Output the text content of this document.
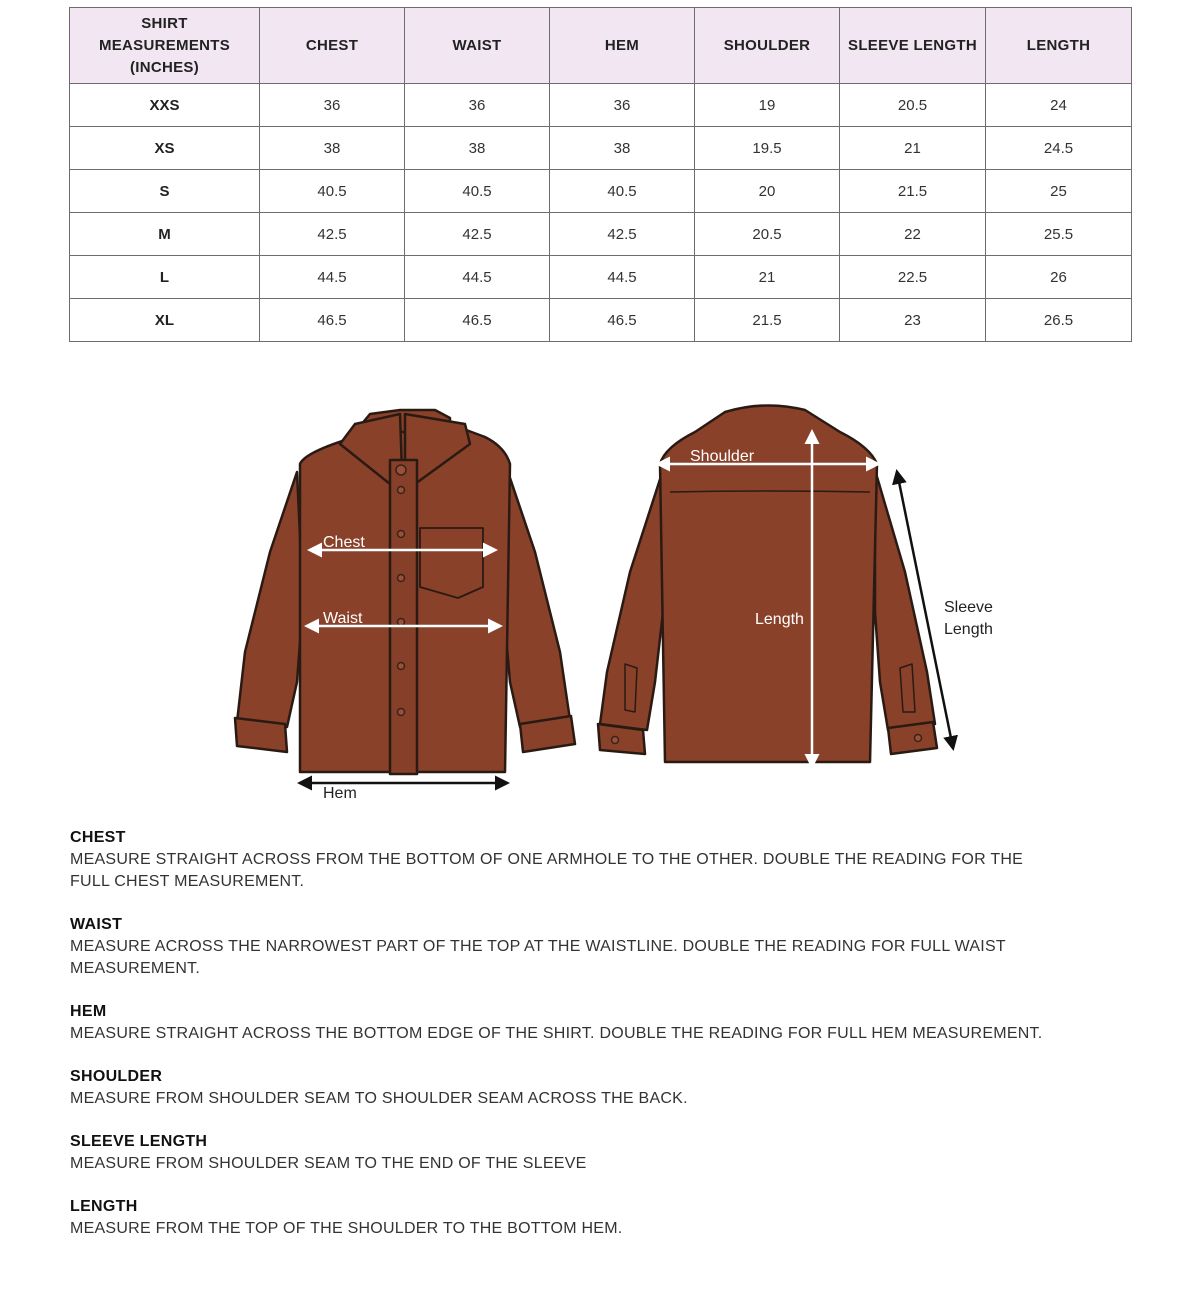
SHIRT
MEASUREMENTS
(INCHES)	CHEST	WAIST	HEM	SHOULDER	SLEEVE LENGTH	LENGTH
XXS	36	36	36	19	20.5	24
XS	38	38	38	19.5	21	24.5
S	40.5	40.5	40.5	20	21.5	25
M	42.5	42.5	42.5	20.5	22	25.5
L	44.5	44.5	44.5	21	22.5	26
XL	46.5	46.5	46.5	21.5	23	26.5
Chest
Waist
Hem
Shoulder
Length
Sleeve
Length
CHEST
MEASURE STRAIGHT ACROSS FROM THE BOTTOM OF ONE ARMHOLE TO THE OTHER. DOUBLE THE READING FOR THE FULL CHEST MEASUREMENT.
WAIST
MEASURE ACROSS THE NARROWEST PART OF THE TOP AT THE WAISTLINE. DOUBLE THE READING FOR FULL WAIST MEASUREMENT.
HEM
MEASURE STRAIGHT ACROSS THE BOTTOM EDGE OF THE SHIRT. DOUBLE THE READING FOR FULL HEM MEASUREMENT.
SHOULDER
MEASURE FROM SHOULDER SEAM TO SHOULDER SEAM ACROSS THE BACK.
SLEEVE LENGTH
MEASURE FROM SHOULDER SEAM TO THE END OF THE SLEEVE
LENGTH
MEASURE FROM THE TOP OF THE SHOULDER TO THE BOTTOM HEM.
